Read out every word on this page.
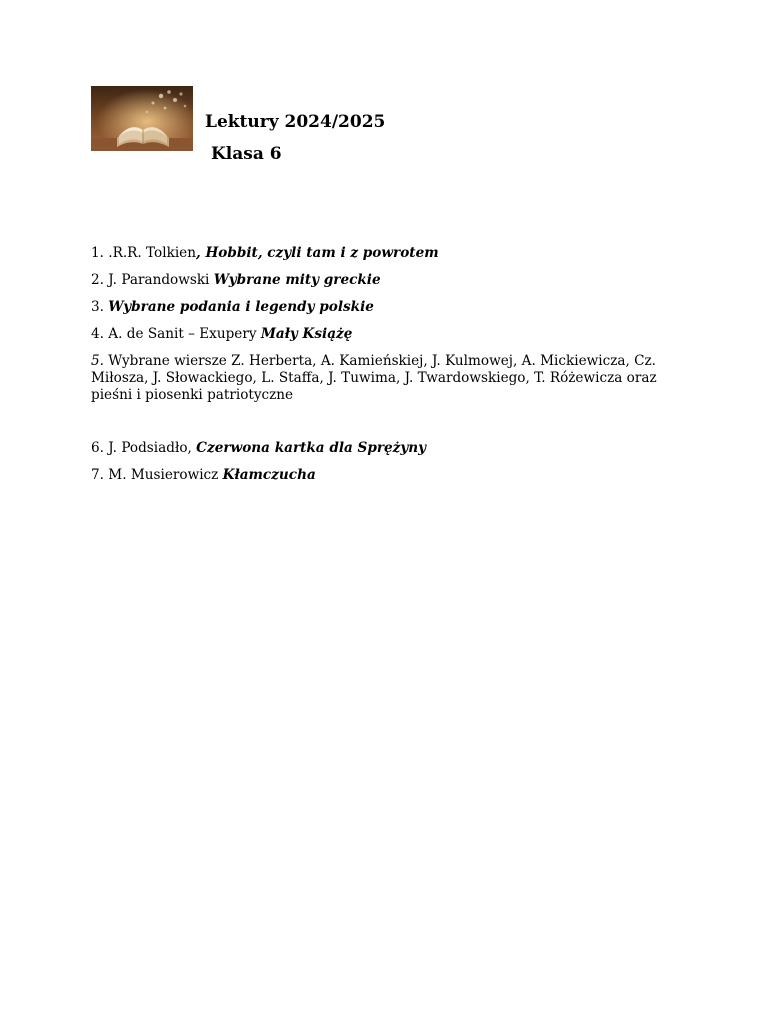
Lektury 2024/2025
Klasa 6
1. .R.R. Tolkien, Hobbit, czyli tam i z powrotem
2. J. Parandowski Wybrane mity greckie
3. Wybrane podania i legendy polskie
4. A. de Sanit – Exupery Mały Książę
5. Wybrane wiersze Z. Herberta, A. Kamieńskiej, J. Kulmowej, A. Mickiewicza, Cz. Miłosza, J. Słowackiego, L. Staffa, J. Tuwima, J. Twardowskiego, T. Różewicza oraz pieśni i piosenki patriotyczne
6. J. Podsiadło, Czerwona kartka dla Sprężyny
7. M. Musierowicz Kłamczucha
